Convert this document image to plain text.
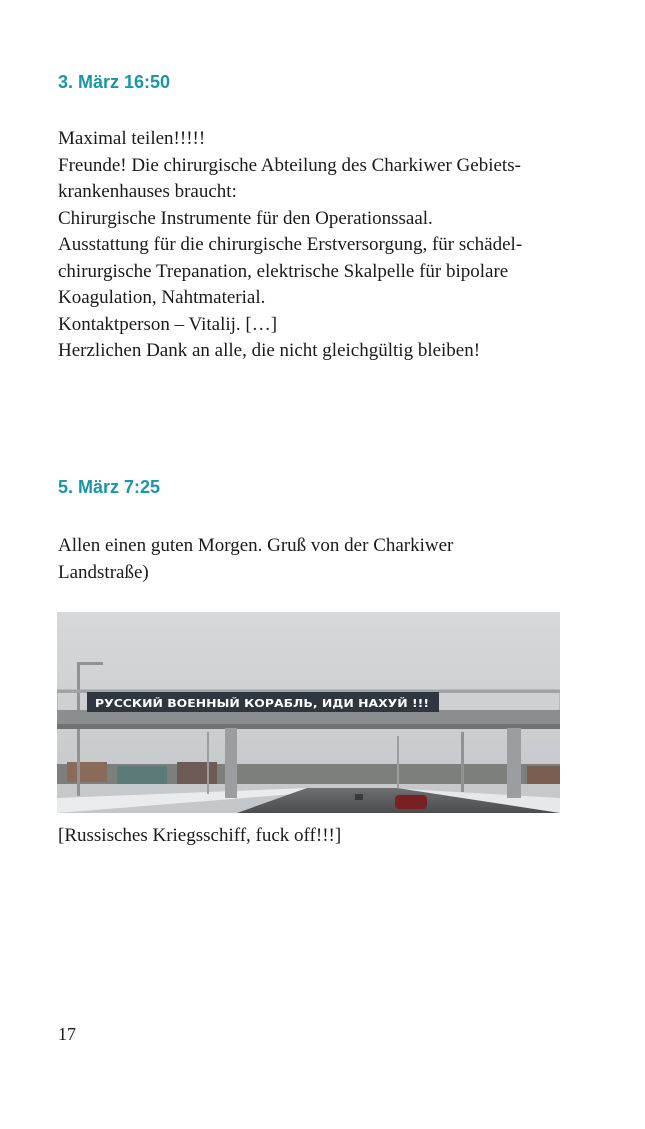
3. März 16:50

Maximal teilen!!!!!
Freunde! Die chirurgische Abteilung des Charkiwer Gebiets-
krankenhauses braucht:
Chirurgische Instrumente für den Operationssaal.
Ausstattung für die chirurgische Erstversorgung, für schädel-
chirurgische Trepanation, elektrische Skalpelle für bipolare
Koagulation, Nahtmaterial.
Kontaktperson – Vitalij. […]
Herzlichen Dank an alle, die nicht gleichgültig bleiben!

5. März 7:25

Allen einen guten Morgen. Gruß von der Charkiwer
Landstraße)

РУССКИЙ ВОЕННЫЙ КОРАБЛЬ, ИДИ НАХУЙ !!!

[Russisches Kriegsschiff, fuck off!!!]

17
